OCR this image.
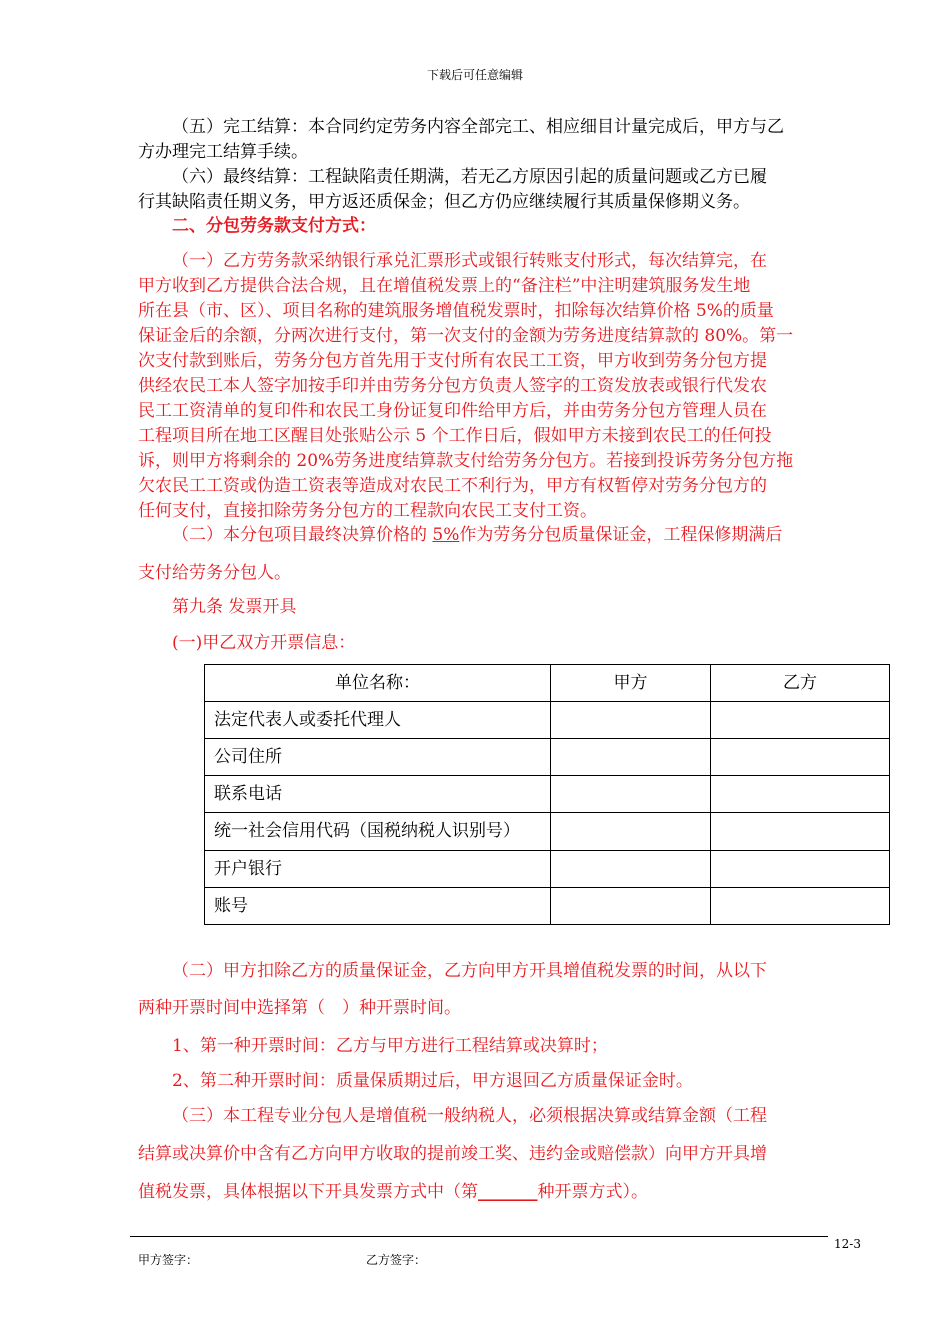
下载后可任意编辑
（五）完工结算：本合同约定劳务内容全部完工、相应细目计量完成后，甲方与乙
方办理完工结算手续。
（六）最终结算：工程缺陷责任期满，若无乙方原因引起的质量问题或乙方已履
行其缺陷责任期义务，甲方返还质保金；但乙方仍应继续履行其质量保修期义务。
二、分包劳务款支付方式：
（一）乙方劳务款采纳银行承兑汇票形式或银行转账支付形式，每次结算完，在
甲方收到乙方提供合法合规，且在增值税发票上的“备注栏”中注明建筑服务发生地
所在县（市、区）、项目名称的建筑服务增值税发票时，扣除每次结算价格 5%的质量
保证金后的余额，分两次进行支付，第一次支付的金额为劳务进度结算款的 80%。第一
次支付款到账后，劳务分包方首先用于支付所有农民工工资，甲方收到劳务分包方提
供经农民工本人签字加按手印并由劳务分包方负责人签字的工资发放表或银行代发农
民工工资清单的复印件和农民工身份证复印件给甲方后，并由劳务分包方管理人员在
工程项目所在地工区醒目处张贴公示 5 个工作日后，假如甲方未接到农民工的任何投
诉，则甲方将剩余的 20%劳务进度结算款支付给劳务分包方。若接到投诉劳务分包方拖
欠农民工工资或伪造工资表等造成对农民工不利行为，甲方有权暂停对劳务分包方的
任何支付，直接扣除劳务分包方的工程款向农民工支付工资。
（二）本分包项目最终决算价格的 5%作为劳务分包质量保证金，工程保修期满后
支付给劳务分包人。
第九条 发票开具
(一)甲乙双方开票信息：
单位名称：	甲方	乙方
法定代表人或委托代理人		
公司住所		
联系电话		
统一社会信用代码（国税纳税人识别号）		
开户银行		
账号		
（二）甲方扣除乙方的质量保证金，乙方向甲方开具增值税发票的时间，从以下
两种开票时间中选择第（　）种开票时间。
1、第一种开票时间：乙方与甲方进行工程结算或决算时；
2、第二种开票时间：质量保质期过后，甲方退回乙方质量保证金时。
（三）本工程专业分包人是增值税一般纳税人，必须根据决算或结算金额（工程
结算或决算价中含有乙方向甲方收取的提前竣工奖、违约金或赔偿款）向甲方开具增
值税发票，具体根据以下开具发票方式中（第_______种开票方式）。
12-3
甲方签字：	乙方签字：
